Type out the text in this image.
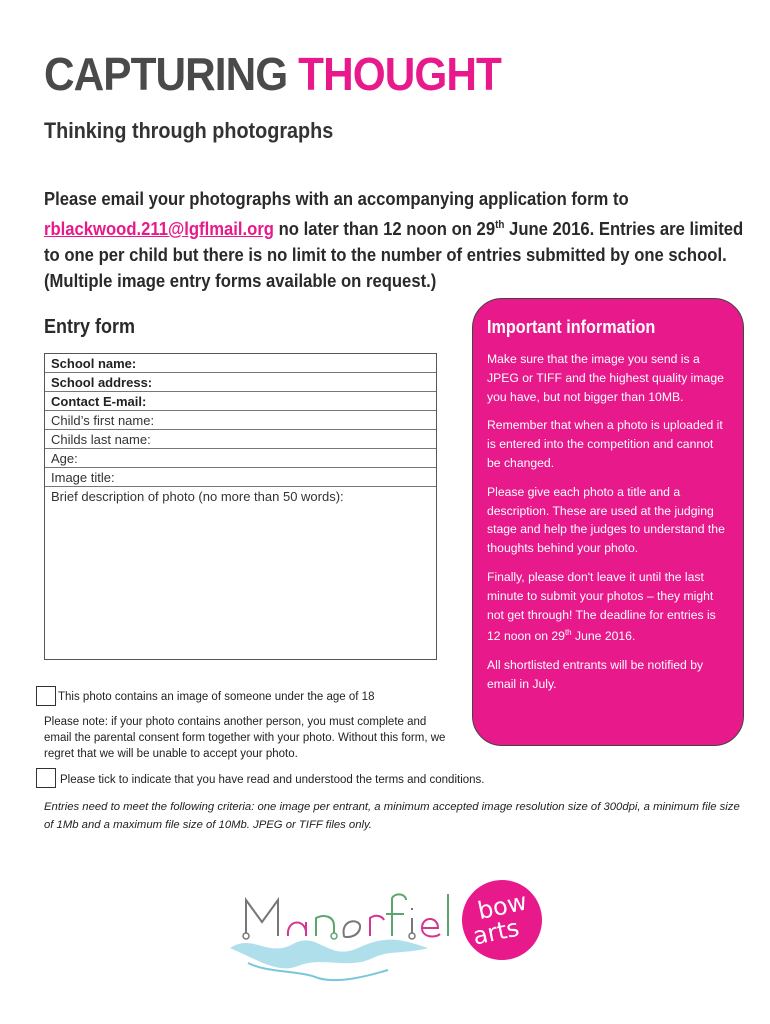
CAPTURING THOUGHT
Thinking through photographs
Please email your photographs with an accompanying application form to
rblackwood.211@lgflmail.org no later than 12 noon on 29th June 2016. Entries are limited
to one per child but there is no limit to the number of entries submitted by one school.
(Multiple image entry forms available on request.)
Entry form
School name:
School address:
Contact E-mail:
Child’s first name:
Childs last name:
Age:
Image title:
Brief description of photo (no more than 50 words):
Important information

Make sure that the image you send is a JPEG or TIFF and the highest quality image you have, but not bigger than 10MB.

Remember that when a photo is uploaded it is entered into the competition and cannot be changed.

Please give each photo a title and a description. These are used at the judging stage and help the judges to understand the thoughts behind your photo.

Finally, please don't leave it until the last minute to submit your photos – they might not get through! The deadline for entries is 12 noon on 29th June 2016.

All shortlisted entrants will be notified by email in July.

This photo contains an image of someone under the age of 18
Please note: if your photo contains another person, you must complete and email the parental consent form together with your photo. Without this form, we regret that we will be unable to accept your photo.
Please tick to indicate that you have read and understood the terms and conditions.
Entries need to meet the following criteria: one image per entrant, a minimum accepted image resolution size of 300dpi, a minimum file size of 1Mb and a maximum file size of 10Mb. JPEG or TIFF files only.
Manorfield
bow
arts
